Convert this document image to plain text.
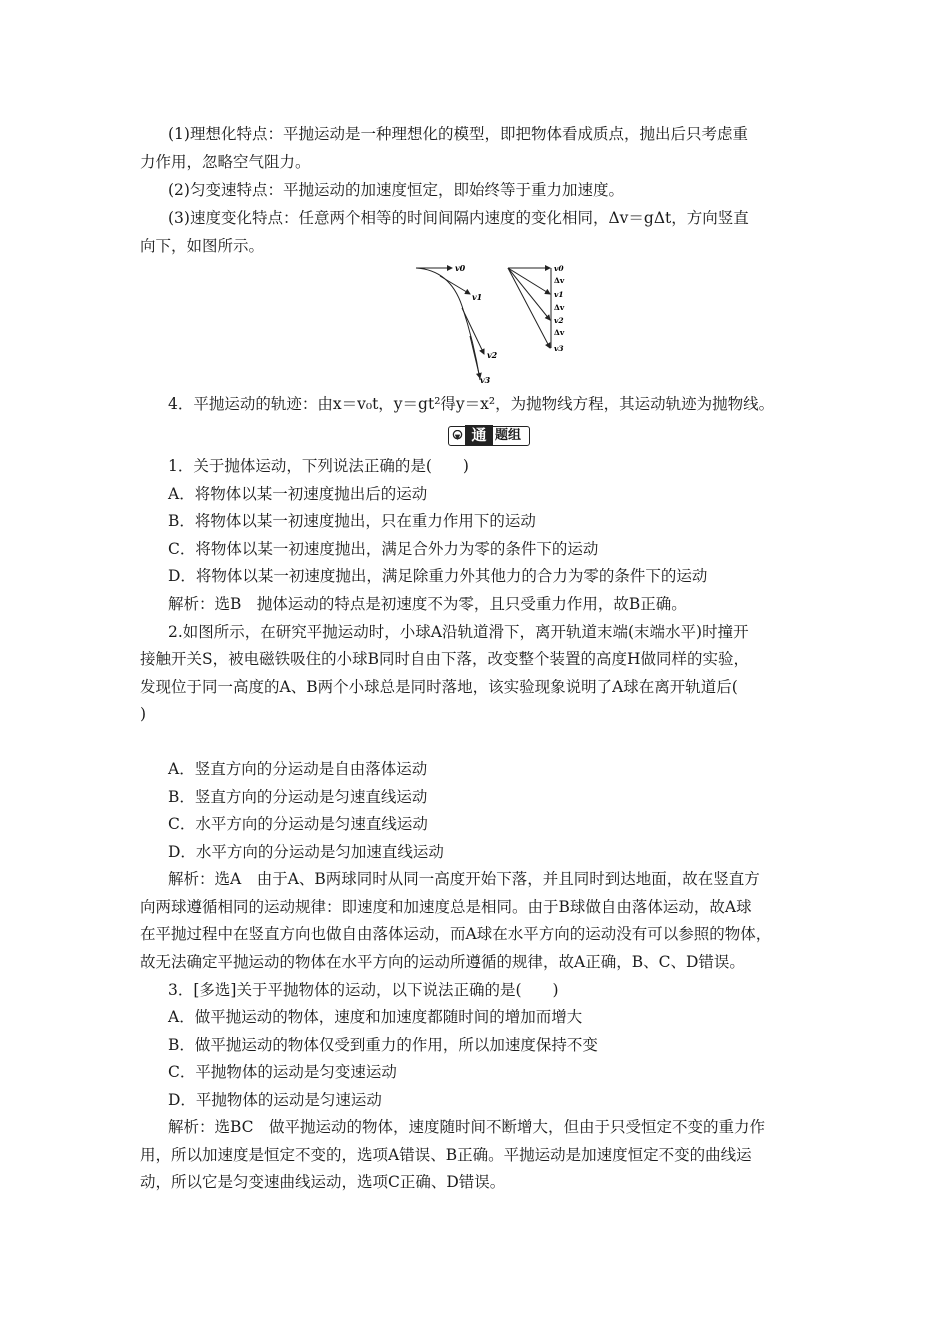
(1)理想化特点：平抛运动是一种理想化的模型，即把物体看成质点，抛出后只考虑重
力作用，忽略空气阻力。
(2)匀变速特点：平抛运动的加速度恒定，即始终等于重力加速度。
(3)速度变化特点：任意两个相等的时间间隔内速度的变化相同，Δv＝gΔt，方向竖直
向下，如图所示。
v0
v1
v2
v3
v0
Δv
v1
Δv
v2
Δv
v3
4．平抛运动的轨迹：由x＝v₀t，y＝gt²得y＝x²，为抛物线方程，其运动轨迹为抛物线。
通 题组
1．关于抛体运动，下列说法正确的是(　　)
A．将物体以某一初速度抛出后的运动
B．将物体以某一初速度抛出，只在重力作用下的运动
C．将物体以某一初速度抛出，满足合外力为零的条件下的运动
D．将物体以某一初速度抛出，满足除重力外其他力的合力为零的条件下的运动
解析：选B　抛体运动的特点是初速度不为零，且只受重力作用，故B正确。
2.如图所示，在研究平抛运动时，小球A沿轨道滑下，离开轨道末端(末端水平)时撞开
接触开关S，被电磁铁吸住的小球B同时自由下落，改变整个装置的高度H做同样的实验，
发现位于同一高度的A、B两个小球总是同时落地，该实验现象说明了A球在离开轨道后(
)
A．竖直方向的分运动是自由落体运动
B．竖直方向的分运动是匀速直线运动
C．水平方向的分运动是匀速直线运动
D．水平方向的分运动是匀加速直线运动
解析：选A　由于A、B两球同时从同一高度开始下落，并且同时到达地面，故在竖直方
向两球遵循相同的运动规律：即速度和加速度总是相同。由于B球做自由落体运动，故A球
在平抛过程中在竖直方向也做自由落体运动，而A球在水平方向的运动没有可以参照的物体，
故无法确定平抛运动的物体在水平方向的运动所遵循的规律，故A正确，B、C、D错误。
3．[多选]关于平抛物体的运动，以下说法正确的是(　　)
A．做平抛运动的物体，速度和加速度都随时间的增加而增大
B．做平抛运动的物体仅受到重力的作用，所以加速度保持不变
C．平抛物体的运动是匀变速运动
D．平抛物体的运动是匀速运动
解析：选BC　做平抛运动的物体，速度随时间不断增大，但由于只受恒定不变的重力作
用，所以加速度是恒定不变的，选项A错误、B正确。平抛运动是加速度恒定不变的曲线运
动，所以它是匀变速曲线运动，选项C正确、D错误。
